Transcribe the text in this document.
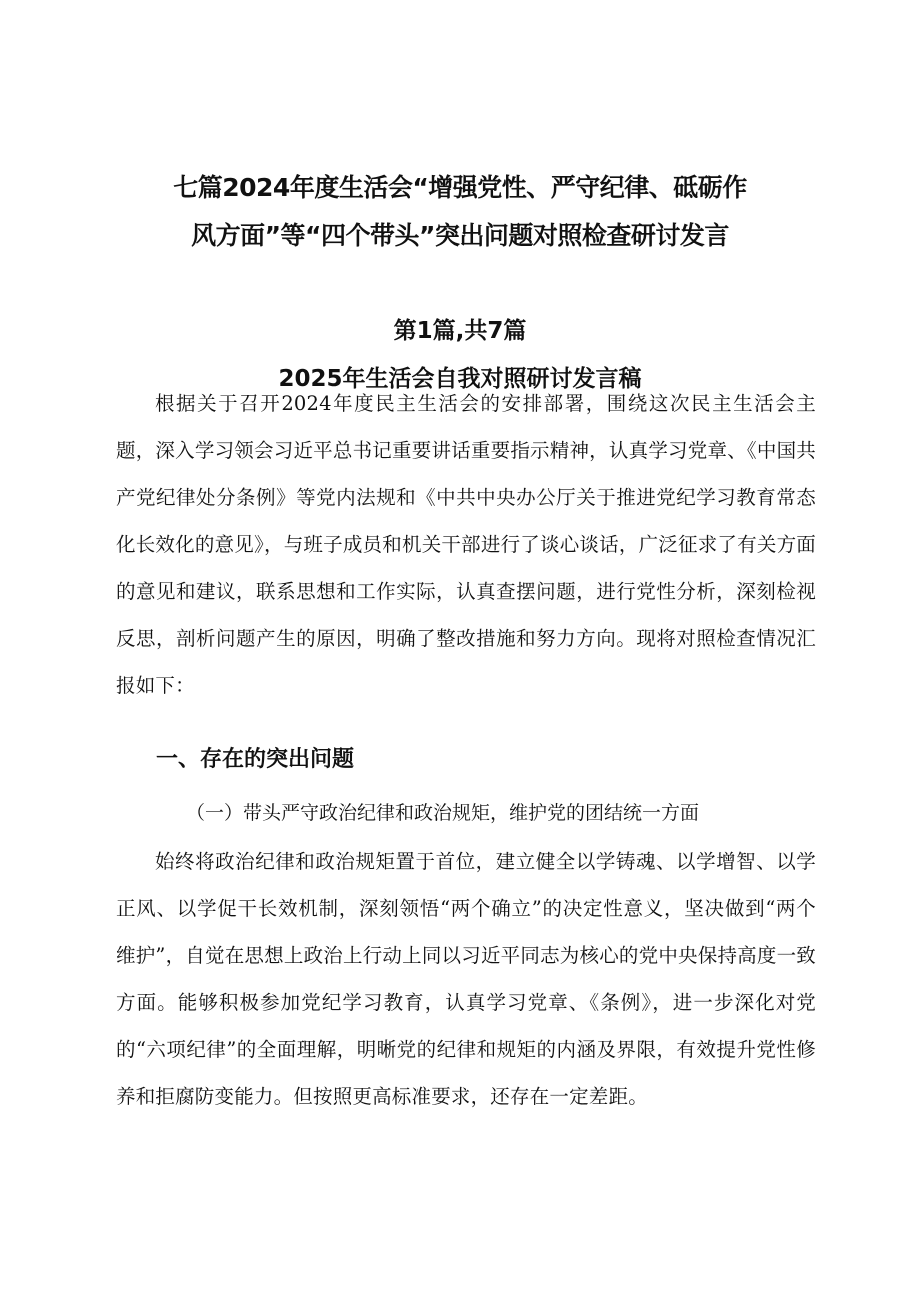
七篇2024年度生活会“增强党性、严守纪律、砥砺作
风方面”等“四个带头”突出问题对照检查研讨发言
第1篇,共7篇
2025年生活会自我对照研讨发言稿
根据关于召开2024年度民主生活会的安排部署，围绕这次民主生活会主题，深入学习领会习近平总书记重要讲话重要指示精神，认真学习党章、《中国共产党纪律处分条例》等党内法规和《中共中央办公厅关于推进党纪学习教育常态化长效化的意见》，与班子成员和机关干部进行了谈心谈话，广泛征求了有关方面的意见和建议，联系思想和工作实际，认真查摆问题，进行党性分析，深刻检视反思，剖析问题产生的原因，明确了整改措施和努力方向。现将对照检查情况汇报如下：
一、存在的突出问题
（一）带头严守政治纪律和政治规矩，维护党的团结统一方面
始终将政治纪律和政治规矩置于首位，建立健全以学铸魂、以学增智、以学正风、以学促干长效机制，深刻领悟“两个确立”的决定性意义，坚决做到“两个维护”，自觉在思想上政治上行动上同以习近平同志为核心的党中央保持高度一致方面。能够积极参加党纪学习教育，认真学习党章、《条例》，进一步深化对党的“六项纪律”的全面理解，明晰党的纪律和规矩的内涵及界限，有效提升党性修养和拒腐防变能力。但按照更高标准要求，还存在一定差距。
